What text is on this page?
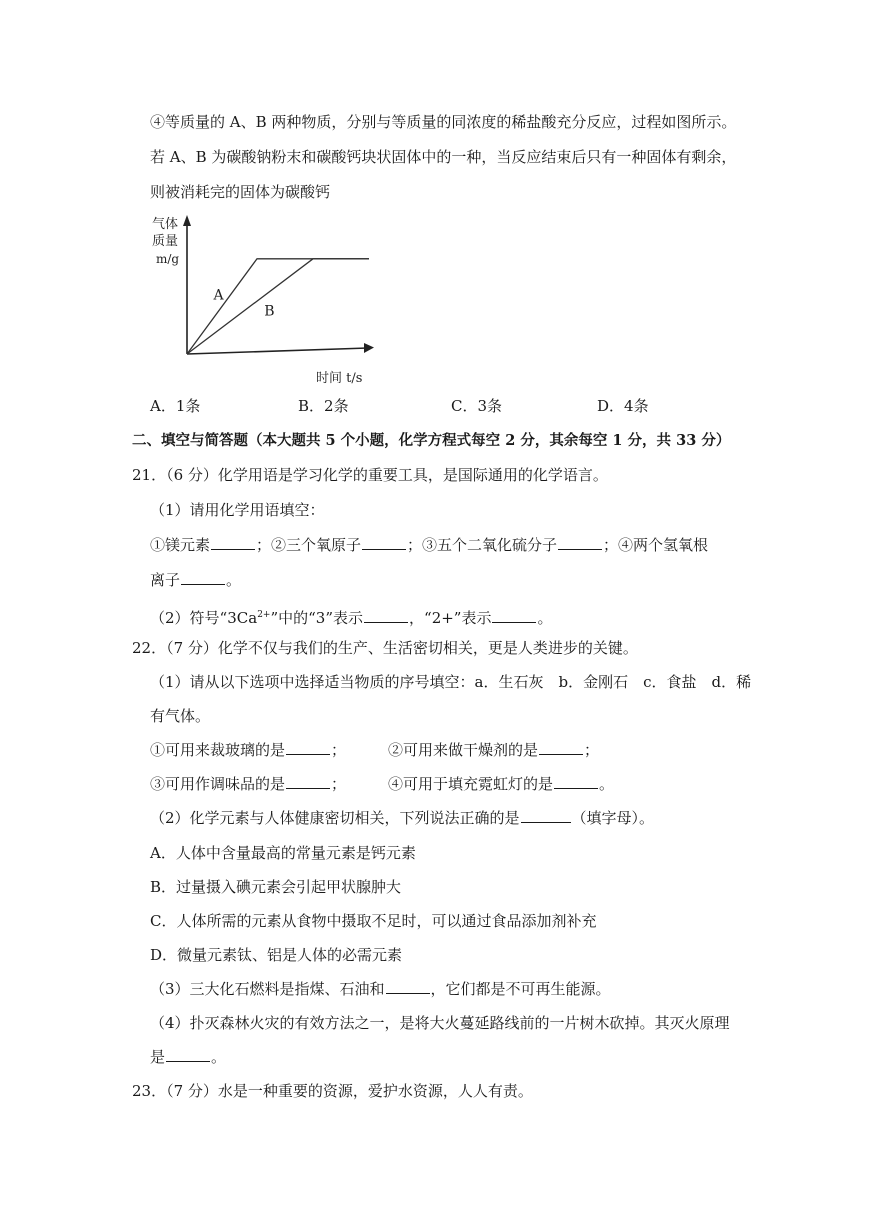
④等质量的 A、B 两种物质，分别与等质量的同浓度的稀盐酸充分反应，过程如图所示。
若 A、B 为碳酸钠粉末和碳酸钙块状固体中的一种，当反应结束后只有一种固体有剩余，
则被消耗完的固体为碳酸钙
A
B
气体
质量
m/g
时间 t/s
A．1条	B．2条	C．3条	D．4条
二、填空与简答题（本大题共 5 个小题，化学方程式每空 2 分，其余每空 1 分，共 33 分）
21．（6 分）化学用语是学习化学的重要工具，是国际通用的化学语言。
（1）请用化学用语填空：
①镁元素	；②三个氧原子	；③五个二氧化硫分子	；④两个氢氧根
离子	。
（2）符号“$3Ca^{2+}$”中的“3”表示	，“2+”表示	。
22．（7 分）化学不仅与我们的生产、生活密切相关，更是人类进步的关键。
（1）请从以下选项中选择适当物质的序号填空：a．生石灰　b．金刚石　c．食盐　d．稀
有气体。
①可用来裁玻璃的是	；	②可用来做干燥剂的是	；
③可用作调味品的是	；	④可用于填充霓虹灯的是	。
（2）化学元素与人体健康密切相关，下列说法正确的是	（填字母）。
A．人体中含量最高的常量元素是钙元素
B．过量摄入碘元素会引起甲状腺肿大
C．人体所需的元素从食物中摄取不足时，可以通过食品添加剂补充
D．微量元素钛、铝是人体的必需元素
（3）三大化石燃料是指煤、石油和	，它们都是不可再生能源。
（4）扑灭森林火灾的有效方法之一，是将大火蔓延路线前的一片树木砍掉。其灭火原理
是	。
23．（7 分）水是一种重要的资源，爱护水资源，人人有责。
